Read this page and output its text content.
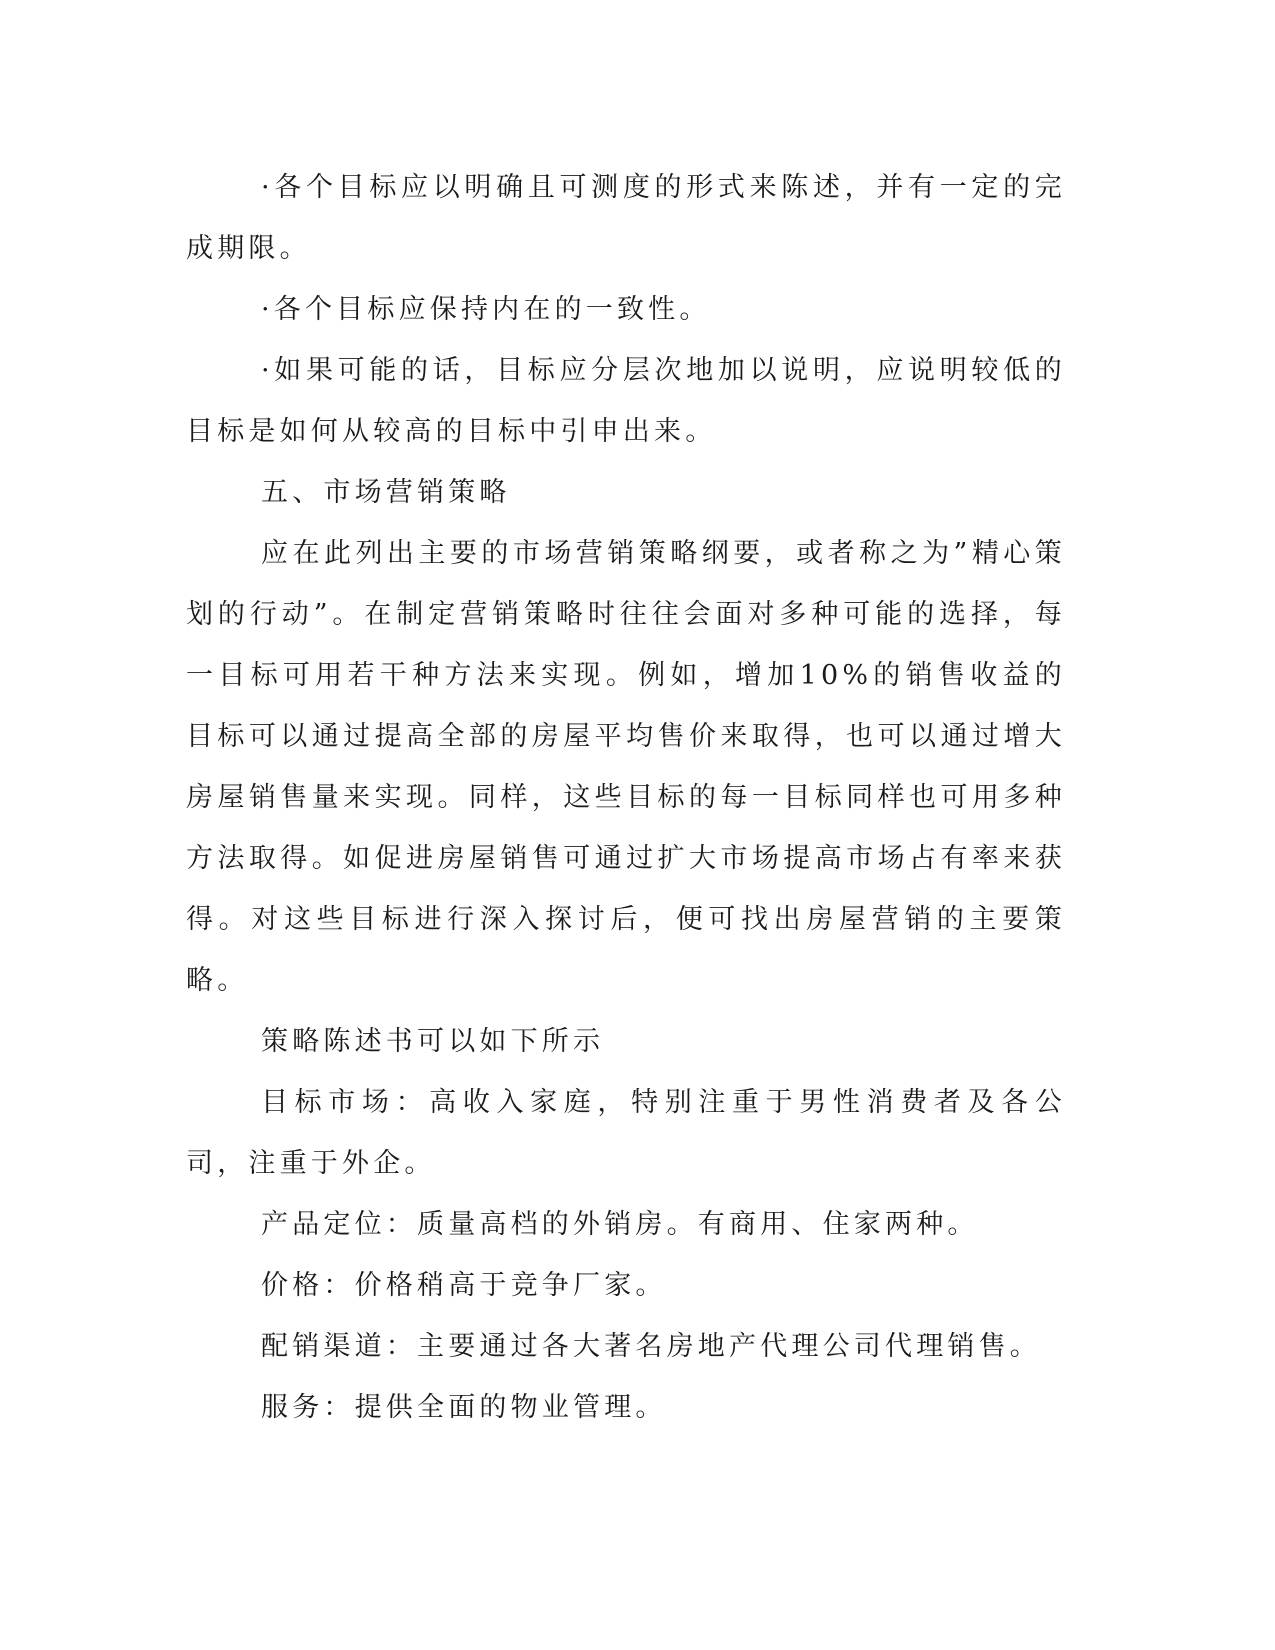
·各个目标应以明确且可测度的形式来陈述，并有一定的完成期限。

·各个目标应保持内在的一致性。

·如果可能的话，目标应分层次地加以说明，应说明较低的目标是如何从较高的目标中引申出来。

五、市场营销策略

应在此列出主要的市场营销策略纲要，或者称之为”精心策划的行动”。在制定营销策略时往往会面对多种可能的选择，每一目标可用若干种方法来实现。例如，增加10%的销售收益的目标可以通过提高全部的房屋平均售价来取得，也可以通过增大房屋销售量来实现。同样，这些目标的每一目标同样也可用多种方法取得。如促进房屋销售可通过扩大市场提高市场占有率来获得。对这些目标进行深入探讨后，便可找出房屋营销的主要策略。

策略陈述书可以如下所示

目标市场：高收入家庭，特别注重于男性消费者及各公司，注重于外企。

产品定位：质量高档的外销房。有商用、住家两种。

价格：价格稍高于竞争厂家。

配销渠道：主要通过各大著名房地产代理公司代理销售。

服务：提供全面的物业管理。
